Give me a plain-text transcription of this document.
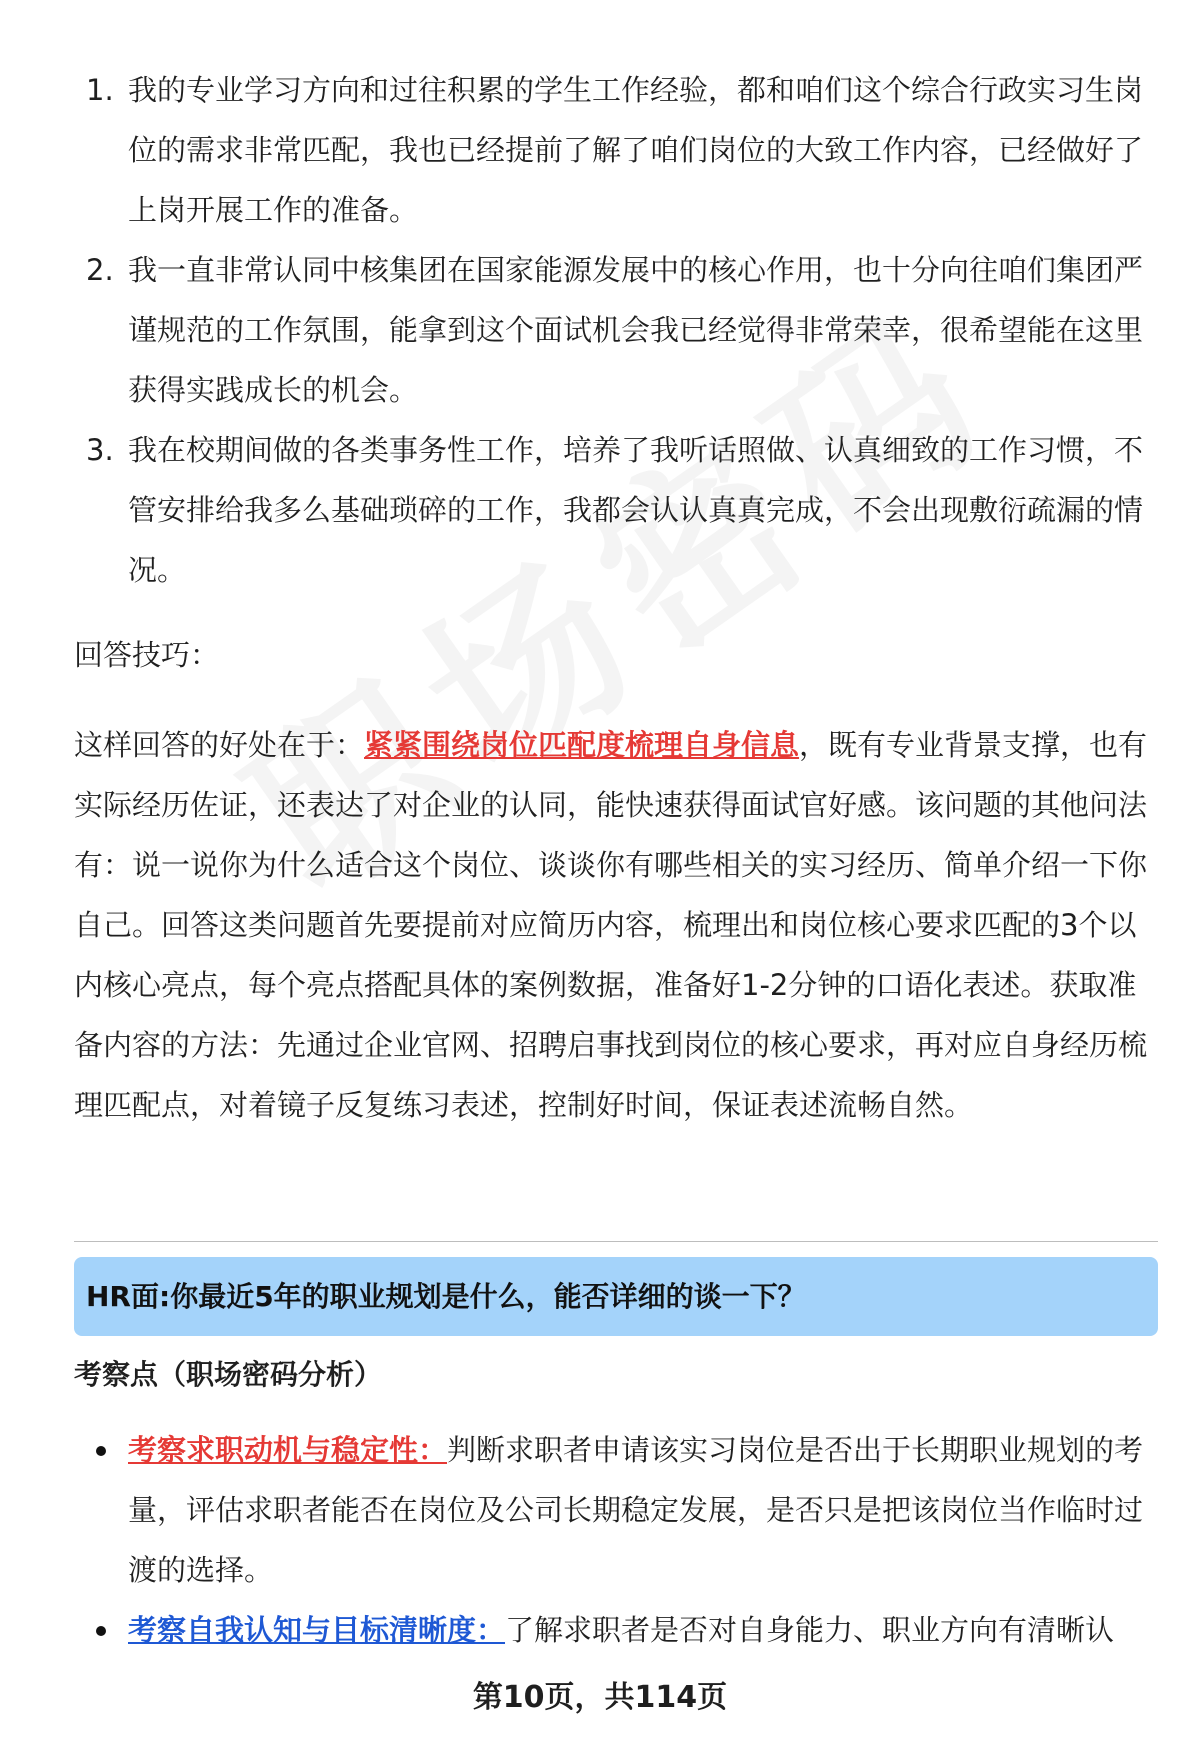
1. 我的专业学习方向和过往积累的学生工作经验，都和咱们这个综合行政实习生岗位的需求非常匹配，我也已经提前了解了咱们岗位的大致工作内容，已经做好了上岗开展工作的准备。
2. 我一直非常认同中核集团在国家能源发展中的核心作用，也十分向往咱们集团严谨规范的工作氛围，能拿到这个面试机会我已经觉得非常荣幸，很希望能在这里获得实践成长的机会。
3. 我在校期间做的各类事务性工作，培养了我听话照做、认真细致的工作习惯，不管安排给我多么基础琐碎的工作，我都会认认真真完成，不会出现敷衍疏漏的情况。
回答技巧：
这样回答的好处在于：紧紧围绕岗位匹配度梳理自身信息，既有专业背景支撑，也有实际经历佐证，还表达了对企业的认同，能快速获得面试官好感。该问题的其他问法有：说一说你为什么适合这个岗位、谈谈你有哪些相关的实习经历、简单介绍一下你自己。回答这类问题首先要提前对应简历内容，梳理出和岗位核心要求匹配的3个以内核心亮点，每个亮点搭配具体的案例数据，准备好1-2分钟的口语化表述。获取准备内容的方法：先通过企业官网、招聘启事找到岗位的核心要求，再对应自身经历梳理匹配点，对着镜子反复练习表述，控制好时间，保证表述流畅自然。
HR面:你最近5年的职业规划是什么，能否详细的谈一下？
考察点（职场密码分析）
考察求职动机与稳定性：判断求职者申请该实习岗位是否出于长期职业规划的考量，评估求职者能否在岗位及公司长期稳定发展，是否只是把该岗位当作临时过渡的选择。
考察自我认知与目标清晰度：了解求职者是否对自身能力、职业方向有清晰认
第10页，共114页
